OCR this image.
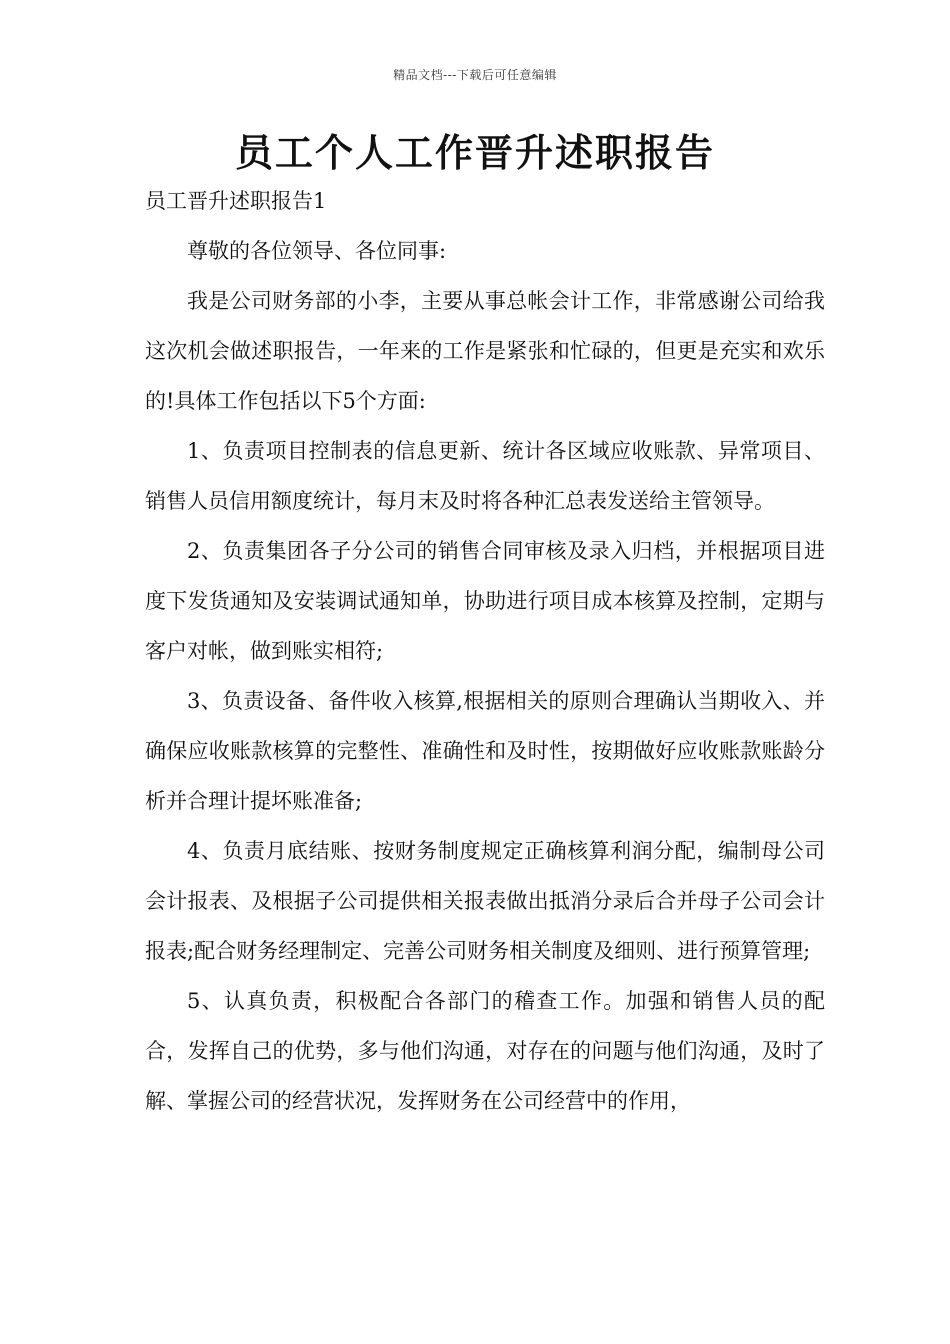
精品文档---下载后可任意编辑
员工个人工作晋升述职报告

员工晋升述职报告1

尊敬的各位领导、各位同事:

我是公司财务部的小李，主要从事总帐会计工作，非常感谢公司给我这次机会做述职报告，一年来的工作是紧张和忙碌的，但更是充实和欢乐的!具体工作包括以下5个方面:

1、负责项目控制表的信息更新、统计各区域应收账款、异常项目、销售人员信用额度统计，每月末及时将各种汇总表发送给主管领导。

2、负责集团各子分公司的销售合同审核及录入归档，并根据项目进度下发货通知及安装调试通知单，协助进行项目成本核算及控制，定期与客户对帐，做到账实相符;

3、负责设备、备件收入核算,根据相关的原则合理确认当期收入、并确保应收账款核算的完整性、准确性和及时性，按期做好应收账款账龄分析并合理计提坏账准备;

4、负责月底结账、按财务制度规定正确核算利润分配，编制母公司会计报表、及根据子公司提供相关报表做出抵消分录后合并母子公司会计报表;配合财务经理制定、完善公司财务相关制度及细则、进行预算管理;

5、认真负责，积极配合各部门的稽查工作。加强和销售人员的配合，发挥自己的优势，多与他们沟通，对存在的问题与他们沟通，及时了解、掌握公司的经营状况，发挥财务在公司经营中的作用，
